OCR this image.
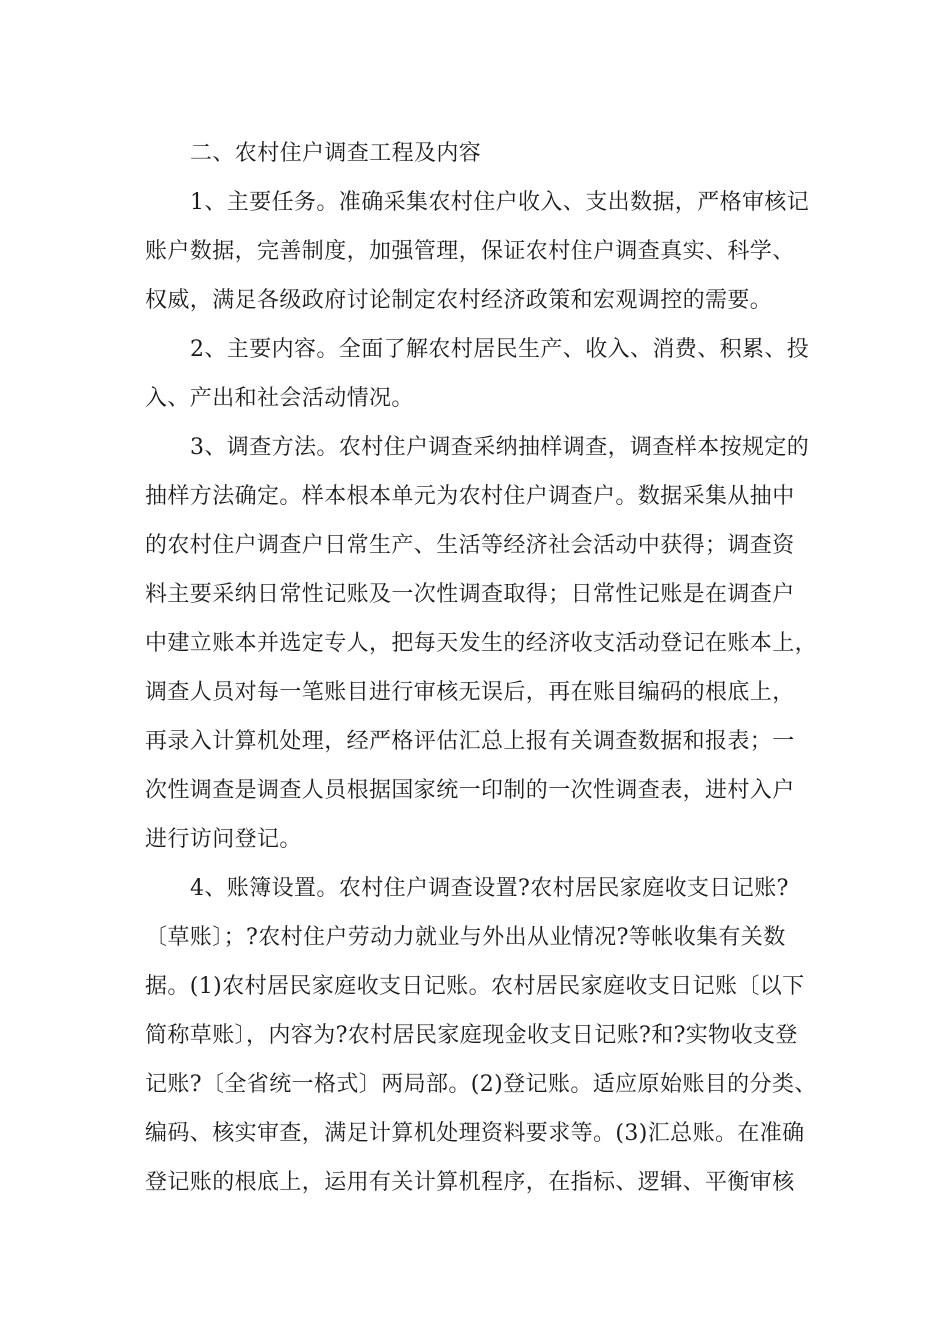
二、农村住户调查工程及内容
1、主要任务。准确采集农村住户收入、支出数据，严格审核记
账户数据，完善制度，加强管理，保证农村住户调查真实、科学、
权威，满足各级政府讨论制定农村经济政策和宏观调控的需要。
2、主要内容。全面了解农村居民生产、收入、消费、积累、投
入、产出和社会活动情况。
3、调查方法。农村住户调查采纳抽样调查，调查样本按规定的
抽样方法确定。样本根本单元为农村住户调查户。数据采集从抽中
的农村住户调查户日常生产、生活等经济社会活动中获得；调查资
料主要采纳日常性记账及一次性调查取得；日常性记账是在调查户
中建立账本并选定专人，把每天发生的经济收支活动登记在账本上，
调查人员对每一笔账目进行审核无误后，再在账目编码的根底上，
再录入计算机处理，经严格评估汇总上报有关调查数据和报表；一
次性调查是调查人员根据国家统一印制的一次性调查表，进村入户
进行访问登记。
4、账簿设置。农村住户调查设置?农村居民家庭收支日记账?
〔草账〕；?农村住户劳动力就业与外出从业情况?等帐收集有关数
据。(1)农村居民家庭收支日记账。农村居民家庭收支日记账〔以下
简称草账〕，内容为?农村居民家庭现金收支日记账?和?实物收支登
记账?〔全省统一格式〕两局部。(2)登记账。适应原始账目的分类、
编码、核实审查，满足计算机处理资料要求等。(3)汇总账。在准确
登记账的根底上，运用有关计算机程序，在指标、逻辑、平衡审核
